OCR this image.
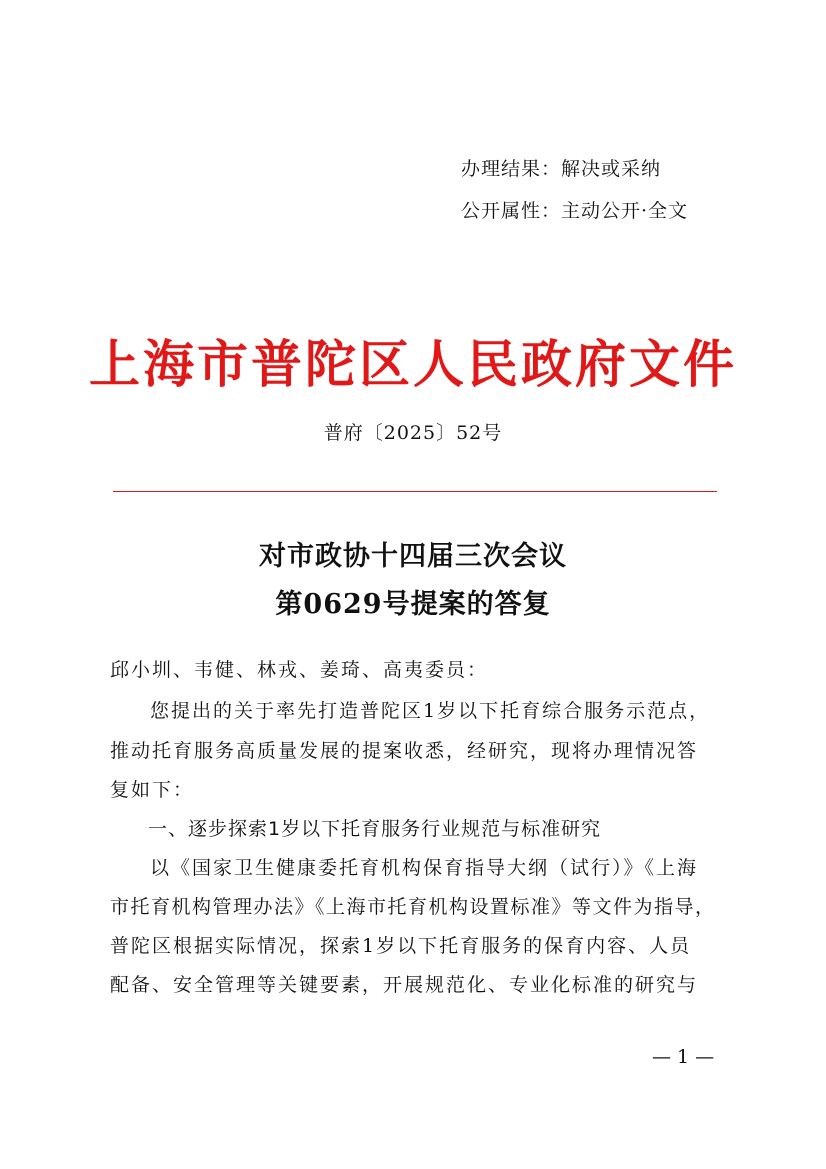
办理结果：解决或采纳
公开属性：主动公开·全文
上海市普陀区人民政府文件
普府〔2025〕52号
对市政协十四届三次会议
第0629号提案的答复
邱小圳、韦健、林戎、姜琦、高夷委员：
您提出的关于率先打造普陀区1岁以下托育综合服务示范点，
推动托育服务高质量发展的提案收悉，经研究，现将办理情况答
复如下：
一、逐步探索1岁以下托育服务行业规范与标准研究
以《国家卫生健康委托育机构保育指导大纲（试行）》《上海
市托育机构管理办法》《上海市托育机构设置标准》等文件为指导，
普陀区根据实际情况，探索1岁以下托育服务的保育内容、人员
配备、安全管理等关键要素，开展规范化、专业化标准的研究与
— 1 —
